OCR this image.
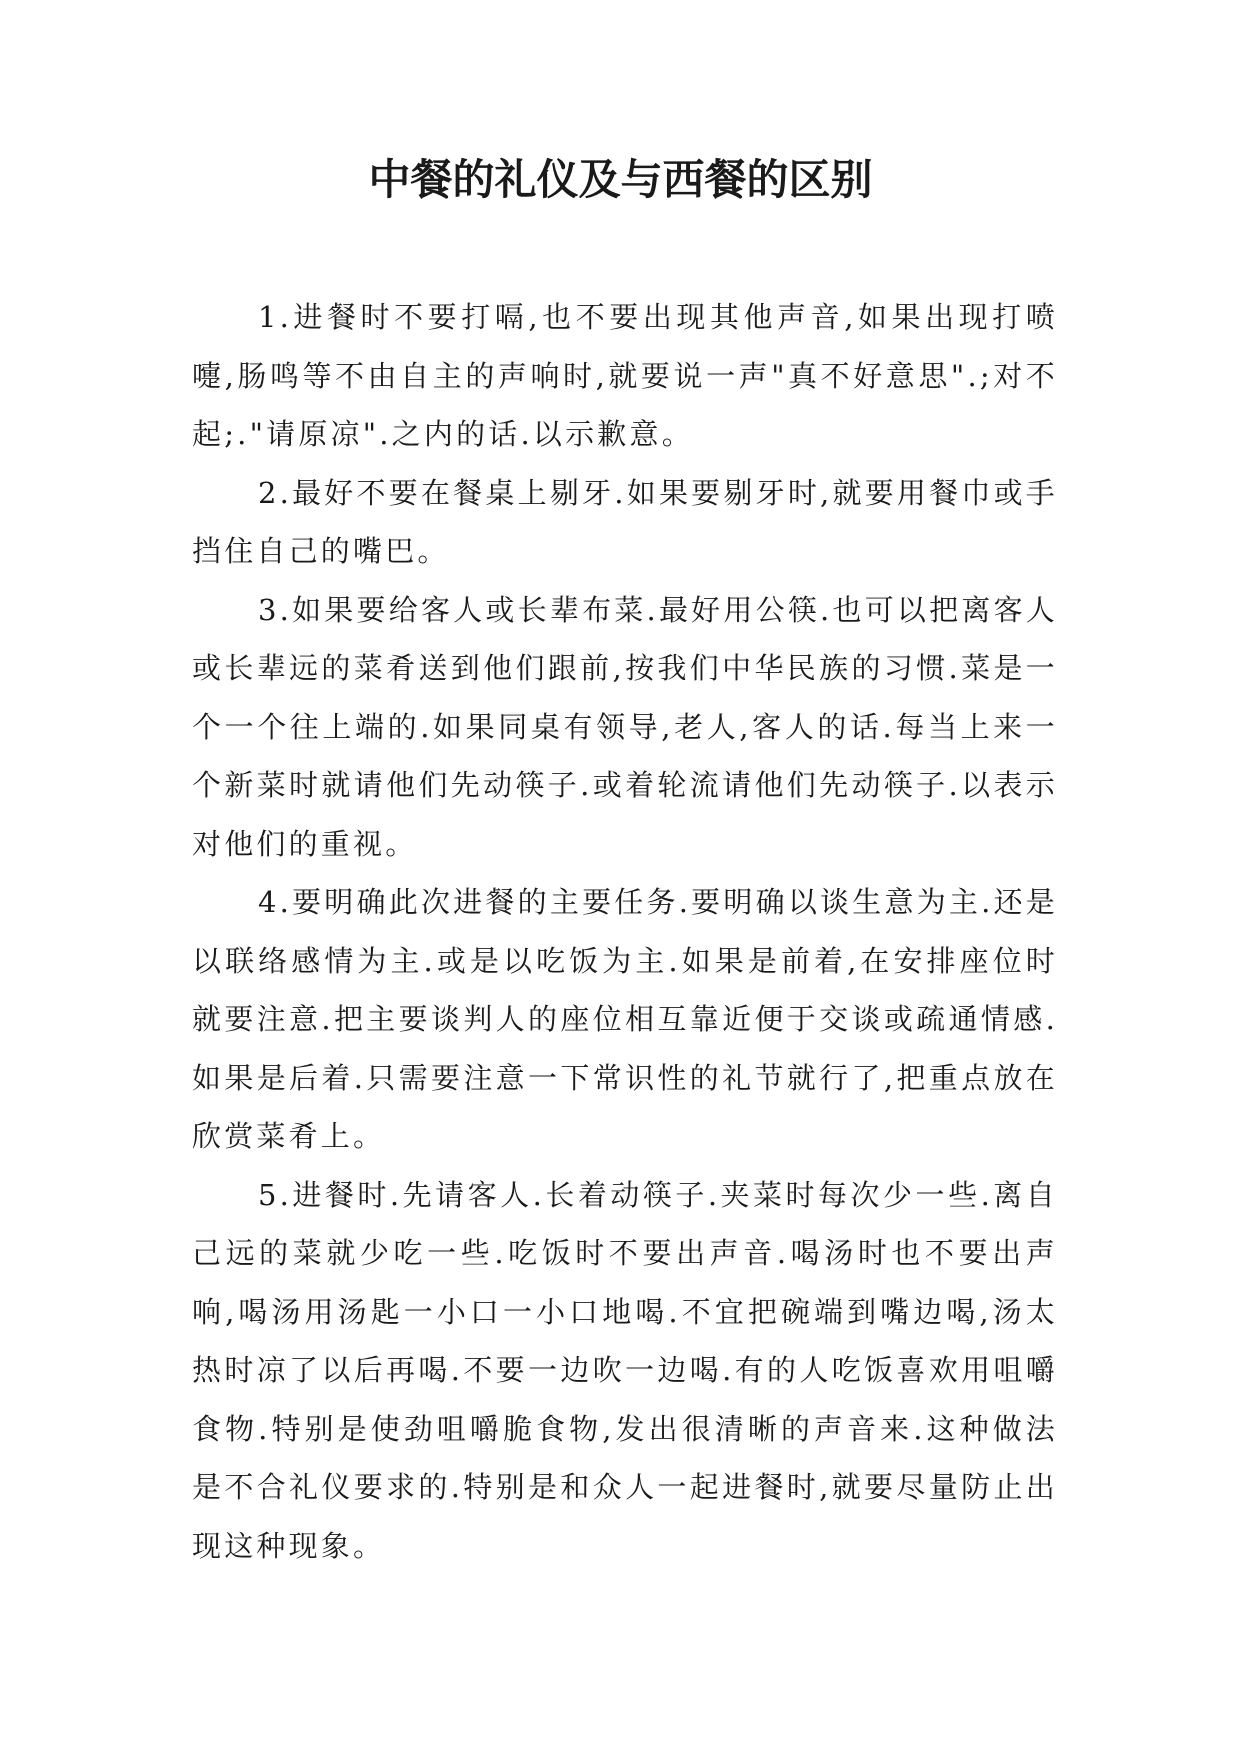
中餐的礼仪及与西餐的区别

1.进餐时不要打嗝,也不要出现其他声音,如果出现打喷嚏,肠鸣等不由自主的声响时,就要说一声"真不好意思".;对不起;."请原凉".之内的话.以示歉意。

2.最好不要在餐桌上剔牙.如果要剔牙时,就要用餐巾或手挡住自己的嘴巴。

3.如果要给客人或长辈布菜.最好用公筷.也可以把离客人或长辈远的菜肴送到他们跟前,按我们中华民族的习惯.菜是一个一个往上端的.如果同桌有领导,老人,客人的话.每当上来一个新菜时就请他们先动筷子.或着轮流请他们先动筷子.以表示对他们的重视。

4.要明确此次进餐的主要任务.要明确以谈生意为主.还是以联络感情为主.或是以吃饭为主.如果是前着,在安排座位时就要注意.把主要谈判人的座位相互靠近便于交谈或疏通情感.如果是后着.只需要注意一下常识性的礼节就行了,把重点放在欣赏菜肴上。

5.进餐时.先请客人.长着动筷子.夹菜时每次少一些.离自己远的菜就少吃一些.吃饭时不要出声音.喝汤时也不要出声响,喝汤用汤匙一小口一小口地喝.不宜把碗端到嘴边喝,汤太热时凉了以后再喝.不要一边吹一边喝.有的人吃饭喜欢用咀嚼食物.特别是使劲咀嚼脆食物,发出很清晰的声音来.这种做法是不合礼仪要求的.特别是和众人一起进餐时,就要尽量防止出现这种现象。
